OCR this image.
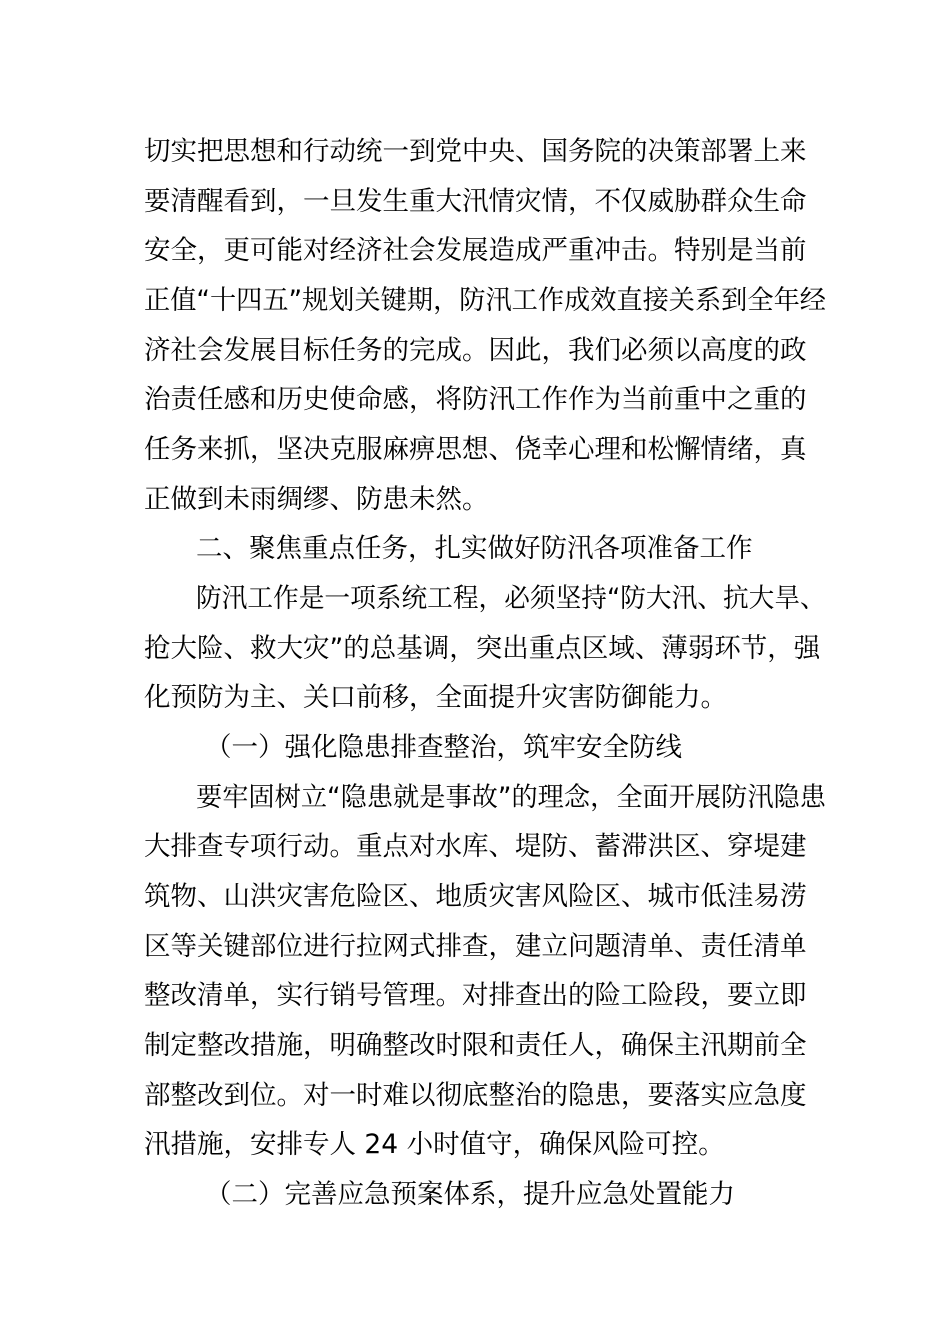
切实把思想和行动统一到党中央、国务院的决策部署上来
要清醒看到，一旦发生重大汛情灾情，不仅威胁群众生命
安全，更可能对经济社会发展造成严重冲击。特别是当前
正值“十四五”规划关键期，防汛工作成效直接关系到全年经
济社会发展目标任务的完成。因此，我们必须以高度的政
治责任感和历史使命感，将防汛工作作为当前重中之重的
任务来抓，坚决克服麻痹思想、侥幸心理和松懈情绪，真
正做到未雨绸缪、防患未然。
二、聚焦重点任务，扎实做好防汛各项准备工作
防汛工作是一项系统工程，必须坚持“防大汛、抗大旱、
抢大险、救大灾”的总基调，突出重点区域、薄弱环节，强
化预防为主、关口前移，全面提升灾害防御能力。
（一）强化隐患排查整治，筑牢安全防线
要牢固树立“隐患就是事故”的理念，全面开展防汛隐患
大排查专项行动。重点对水库、堤防、蓄滞洪区、穿堤建
筑物、山洪灾害危险区、地质灾害风险区、城市低洼易涝
区等关键部位进行拉网式排查，建立问题清单、责任清单
整改清单，实行销号管理。对排查出的险工险段，要立即
制定整改措施，明确整改时限和责任人，确保主汛期前全
部整改到位。对一时难以彻底整治的隐患，要落实应急度
汛措施，安排专人 24 小时值守，确保风险可控。
（二）完善应急预案体系，提升应急处置能力
